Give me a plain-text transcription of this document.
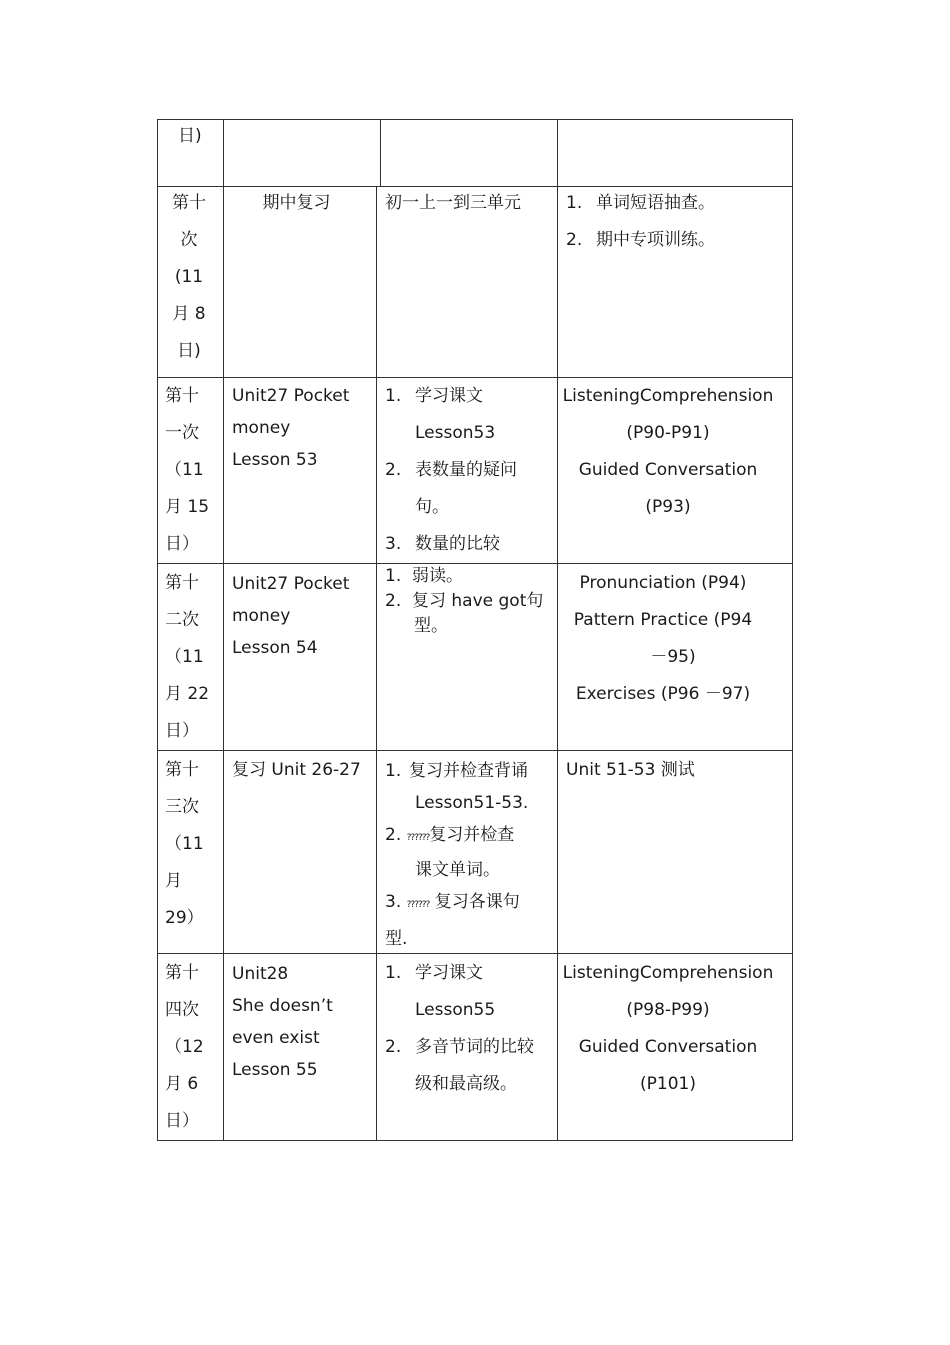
日)
第十
次
(11
月 8
日)
期中复习	初一上一到三单元	1. 单词短语抽查。
2. 期中专项训练。
第十
一次
（11
月 15
日）
Unit27 Pocket
money
Lesson 53
1. 学习课文
Lesson53
2. 表数量的疑问
句。
3. 数量的比较
ListeningComprehension
(P90-P91)
Guided Conversation
(P93)
第十
二次
（11
月 22
日）
Unit27 Pocket
money
Lesson 54
1. 弱读。
2. 复习 have got句
型。
Pronunciation (P94)
Pattern Practice (P94
－95)
Exercises (P96 －97)
第十
三次
（11
月
29）
复习 Unit 26-27 1. 复习并检查背诵
Lesson51-53.
2. ??????复习并检查
课文单词。
3. ?????? 复习各课句
型.
Unit 51-53 测试
第十
四次
（12
月 6
日）
Unit28
She doesn’t
even exist
Lesson 55
1. 学习课文
Lesson55
2. 多音节词的比较
级和最高级。
ListeningComprehension
(P98-P99)
Guided Conversation
(P101)
